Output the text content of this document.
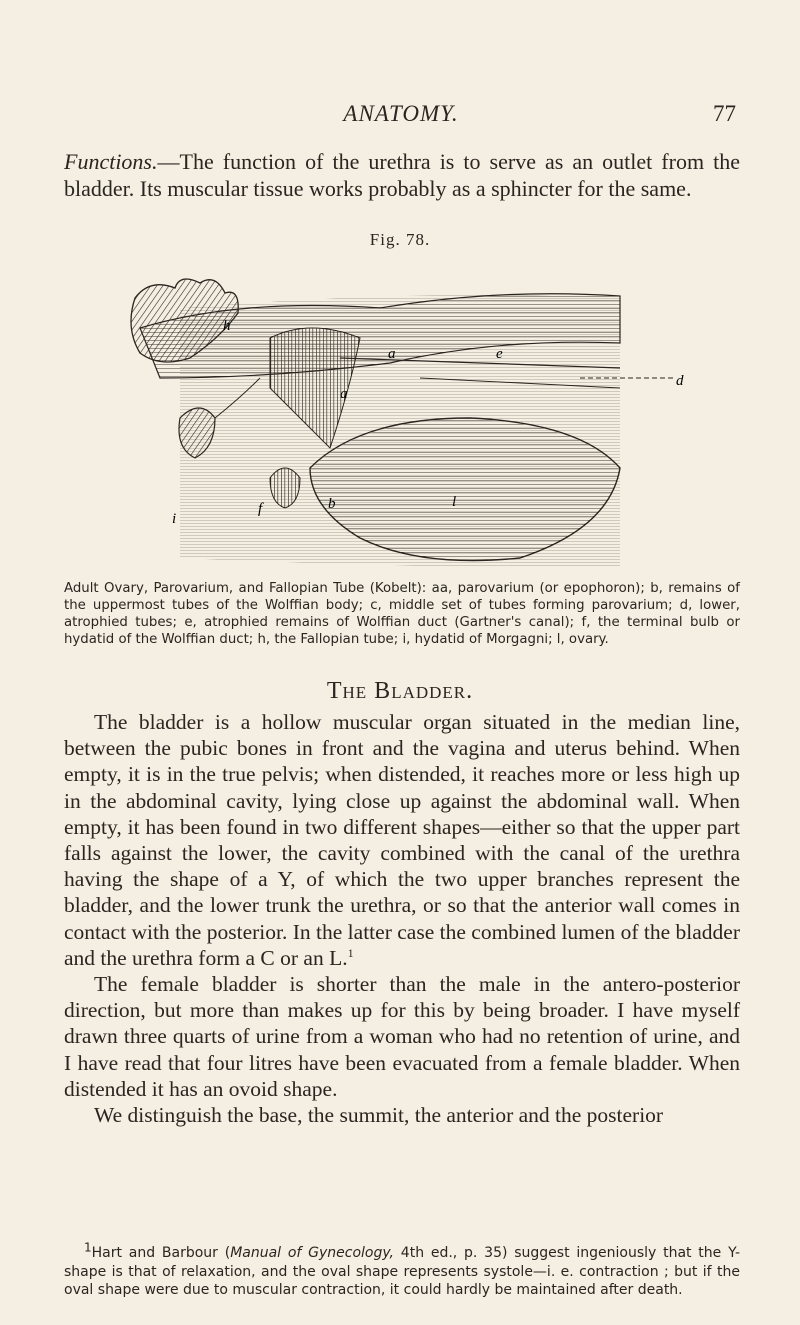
ANATOMY.	77
Functions.—The function of the urethra is to serve as an outlet from the bladder. Its muscular tissue works probably as a sphincter for the same.
Fig. 78.
h
a	e
d
a
f	b	l
i
Adult Ovary, Parovarium, and Fallopian Tube (Kobelt): aa, parovarium (or epophoron); b, remains of the uppermost tubes of the Wolffian body; c, middle set of tubes forming parovarium; d, lower, atrophied tubes; e, atrophied remains of Wolffian duct (Gartner's canal); f, the terminal bulb or hydatid of the Wolffian duct; h, the Fallopian tube; i, hydatid of Morgagni; l, ovary.
The Bladder.

The bladder is a hollow muscular organ situated in the median line, between the pubic bones in front and the vagina and uterus behind. When empty, it is in the true pelvis; when distended, it reaches more or less high up in the abdominal cavity, lying close up against the abdominal wall. When empty, it has been found in two different shapes—either so that the upper part falls against the lower, the cavity combined with the canal of the urethra having the shape of a Y, of which the two upper branches represent the bladder, and the lower trunk the urethra, or so that the anterior wall comes in contact with the posterior. In the latter case the combined lumen of the bladder and the urethra form a C or an L.$^1$

The female bladder is shorter than the male in the antero-posterior direction, but more than makes up for this by being broader. I have myself drawn three quarts of urine from a woman who had no retention of urine, and I have read that four litres have been evacuated from a female bladder. When distended it has an ovoid shape.

We distinguish the base, the summit, the anterior and the posterior

$^1$Hart and Barbour (Manual of Gynecology, 4th ed., p. 35) suggest ingeniously that the Y-shape is that of relaxation, and the oval shape represents systole—i. e. contraction ; but if the oval shape were due to muscular contraction, it could hardly be maintained after death.
